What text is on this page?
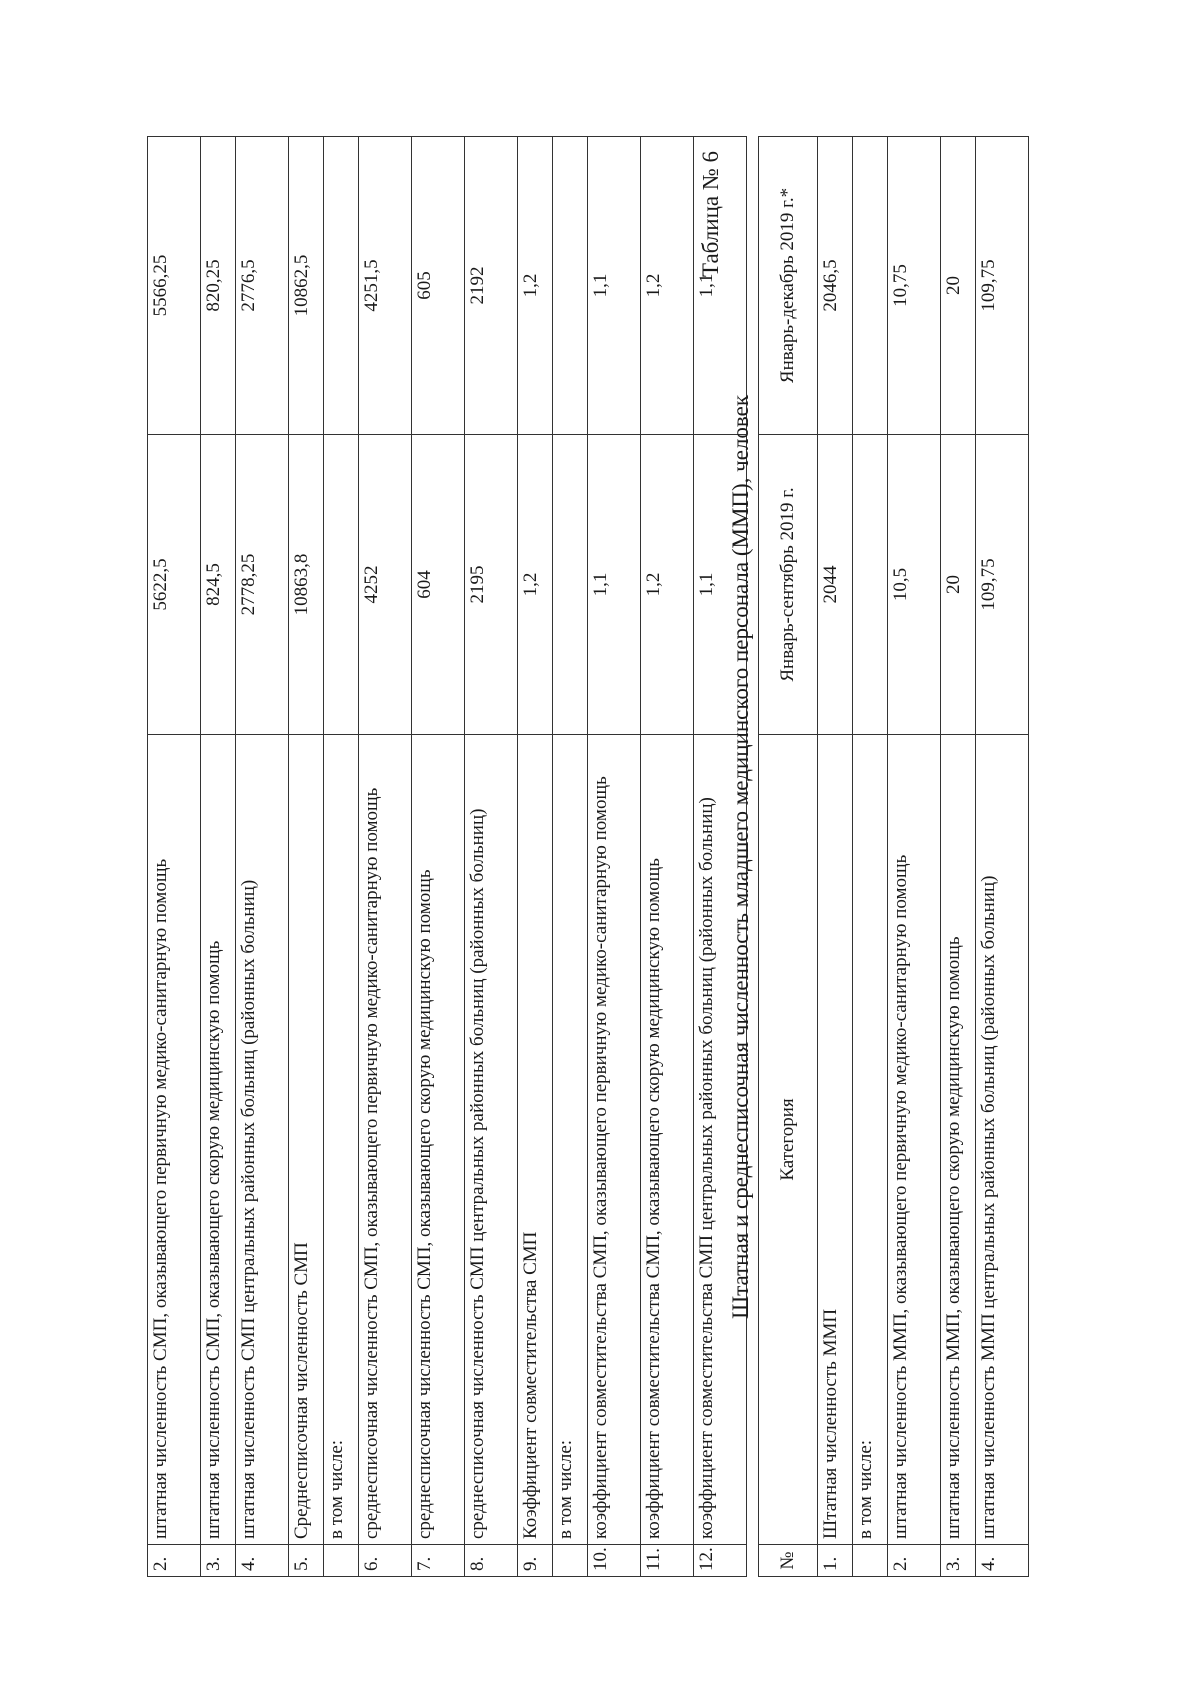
2.	штатная численность СМП, оказывающего первичную медико-санитарную помощь	5622,5	5566,25
3.	штатная численность СМП, оказывающего скорую медицинскую помощь	824,5	820,25
4.	штатная численность СМП центральных районных больниц (районных больниц)	2778,25	2776,5
5.	Среднесписочная численность СМП	10863,8	10862,5
	в том числе:		
6.	среднесписочная численность СМП, оказывающего первичную медико-санитарную помощь	4252	4251,5
7.	среднесписочная численность СМП, оказывающего скорую медицинскую помощь	604	605
8.	среднесписочная численность СМП центральных районных больниц (районных больниц)	2195	2192
9.	Коэффициент совместительства СМП	1,2	1,2
	в том числе:		
10.	коэффициент совместительства СМП, оказывающего первичную медико-санитарную помощь	1,1	1,1
11.	коэффициент совместительства СМП, оказывающего скорую медицинскую помощь	1,2	1,2
12.	коэффициент совместительства СМП центральных районных больниц (районных больниц)	1,1	1,1
Таблица № 6
Штатная и среднесписочная численность младшего медицинского персонала (ММП), человек
№	Категория	Январь-сентябрь 2019 г.	Январь-декабрь 2019 г.*
1.	Штатная численность ММП	2044	2046,5
	в том числе:		
2.	штатная численность ММП, оказывающего первичную медико-санитарную помощь	10,5	10,75
3.	штатная численность ММП, оказывающего скорую медицинскую помощь	20	20
4.	штатная численность ММП центральных районных больниц (районных больниц)	109,75	109,75
